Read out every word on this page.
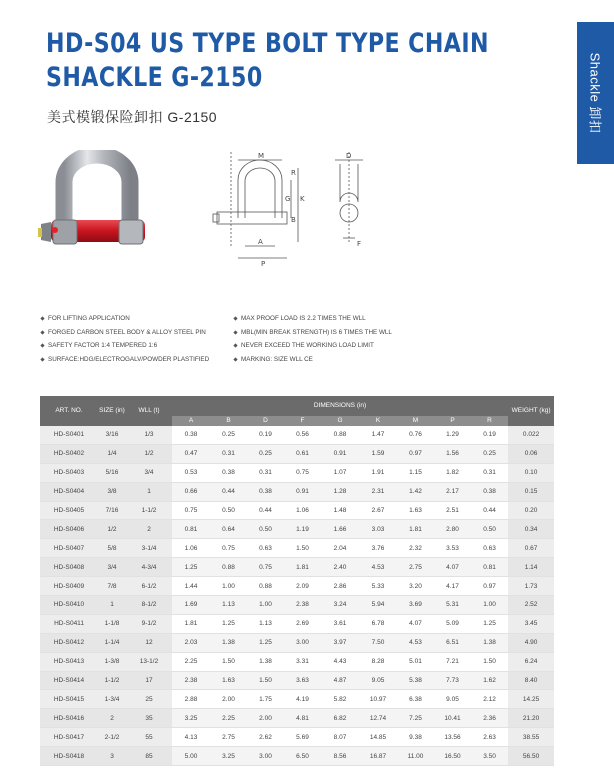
HD-S04 US TYPE BOLT TYPE CHAIN
SHACKLE G-2150
美式模锻保险卸扣 G-2150	Shackle 卸扣
M
R
G K
B
A
P
D
F
FOR LIFTING APPLICATION
FORGED CARBON STEEL BODY & ALLOY STEEL PIN
SAFETY FACTOR 1:4 TEMPERED 1:6
SURFACE:HDG/ELECTROGALV/POWDER PLASTIFIED
MAX PROOF LOAD IS 2.2 TIMES THE WLL
MBL(MIN BREAK STRENGTH) IS 6 TIMES THE WLL
NEVER EXCEED THE WORKING LOAD LIMIT
MARKING: SIZE WLL CE
ART. NO.	SIZE (in)	WLL (t)	DIMENSIONS (in)									WEIGHT (kg)
			A	B	D	F	G	K	M	P	R	
HD-S0401	3/16	1/3	0.38	0.25	0.19	0.56	0.88	1.47	0.76	1.29	0.19	0.022
HD-S0402	1/4	1/2	0.47	0.31	0.25	0.61	0.91	1.59	0.97	1.56	0.25	0.06
HD-S0403	5/16	3/4	0.53	0.38	0.31	0.75	1.07	1.91	1.15	1.82	0.31	0.10
HD-S0404	3/8	1	0.66	0.44	0.38	0.91	1.28	2.31	1.42	2.17	0.38	0.15
HD-S0405	7/16	1-1/2	0.75	0.50	0.44	1.06	1.48	2.67	1.63	2.51	0.44	0.20
HD-S0406	1/2	2	0.81	0.64	0.50	1.19	1.66	3.03	1.81	2.80	0.50	0.34
HD-S0407	5/8	3-1/4	1.06	0.75	0.63	1.50	2.04	3.76	2.32	3.53	0.63	0.67
HD-S0408	3/4	4-3/4	1.25	0.88	0.75	1.81	2.40	4.53	2.75	4.07	0.81	1.14
HD-S0409	7/8	6-1/2	1.44	1.00	0.88	2.09	2.86	5.33	3.20	4.17	0.97	1.73
HD-S0410	1	8-1/2	1.69	1.13	1.00	2.38	3.24	5.94	3.69	5.31	1.00	2.52
HD-S0411	1-1/8	9-1/2	1.81	1.25	1.13	2.69	3.61	6.78	4.07	5.09	1.25	3.45
HD-S0412	1-1/4	12	2.03	1.38	1.25	3.00	3.97	7.50	4.53	6.51	1.38	4.90
HD-S0413	1-3/8	13-1/2	2.25	1.50	1.38	3.31	4.43	8.28	5.01	7.21	1.50	6.24
HD-S0414	1-1/2	17	2.38	1.63	1.50	3.63	4.87	9.05	5.38	7.73	1.62	8.40
HD-S0415	1-3/4	25	2.88	2.00	1.75	4.19	5.82	10.97	6.38	9.05	2.12	14.25
HD-S0416	2	35	3.25	2.25	2.00	4.81	6.82	12.74	7.25	10.41	2.36	21.20
HD-S0417	2-1/2	55	4.13	2.75	2.62	5.69	8.07	14.85	9.38	13.56	2.63	38.55
HD-S0418	3	85	5.00	3.25	3.00	6.50	8.56	16.87	11.00	16.50	3.50	56.50
